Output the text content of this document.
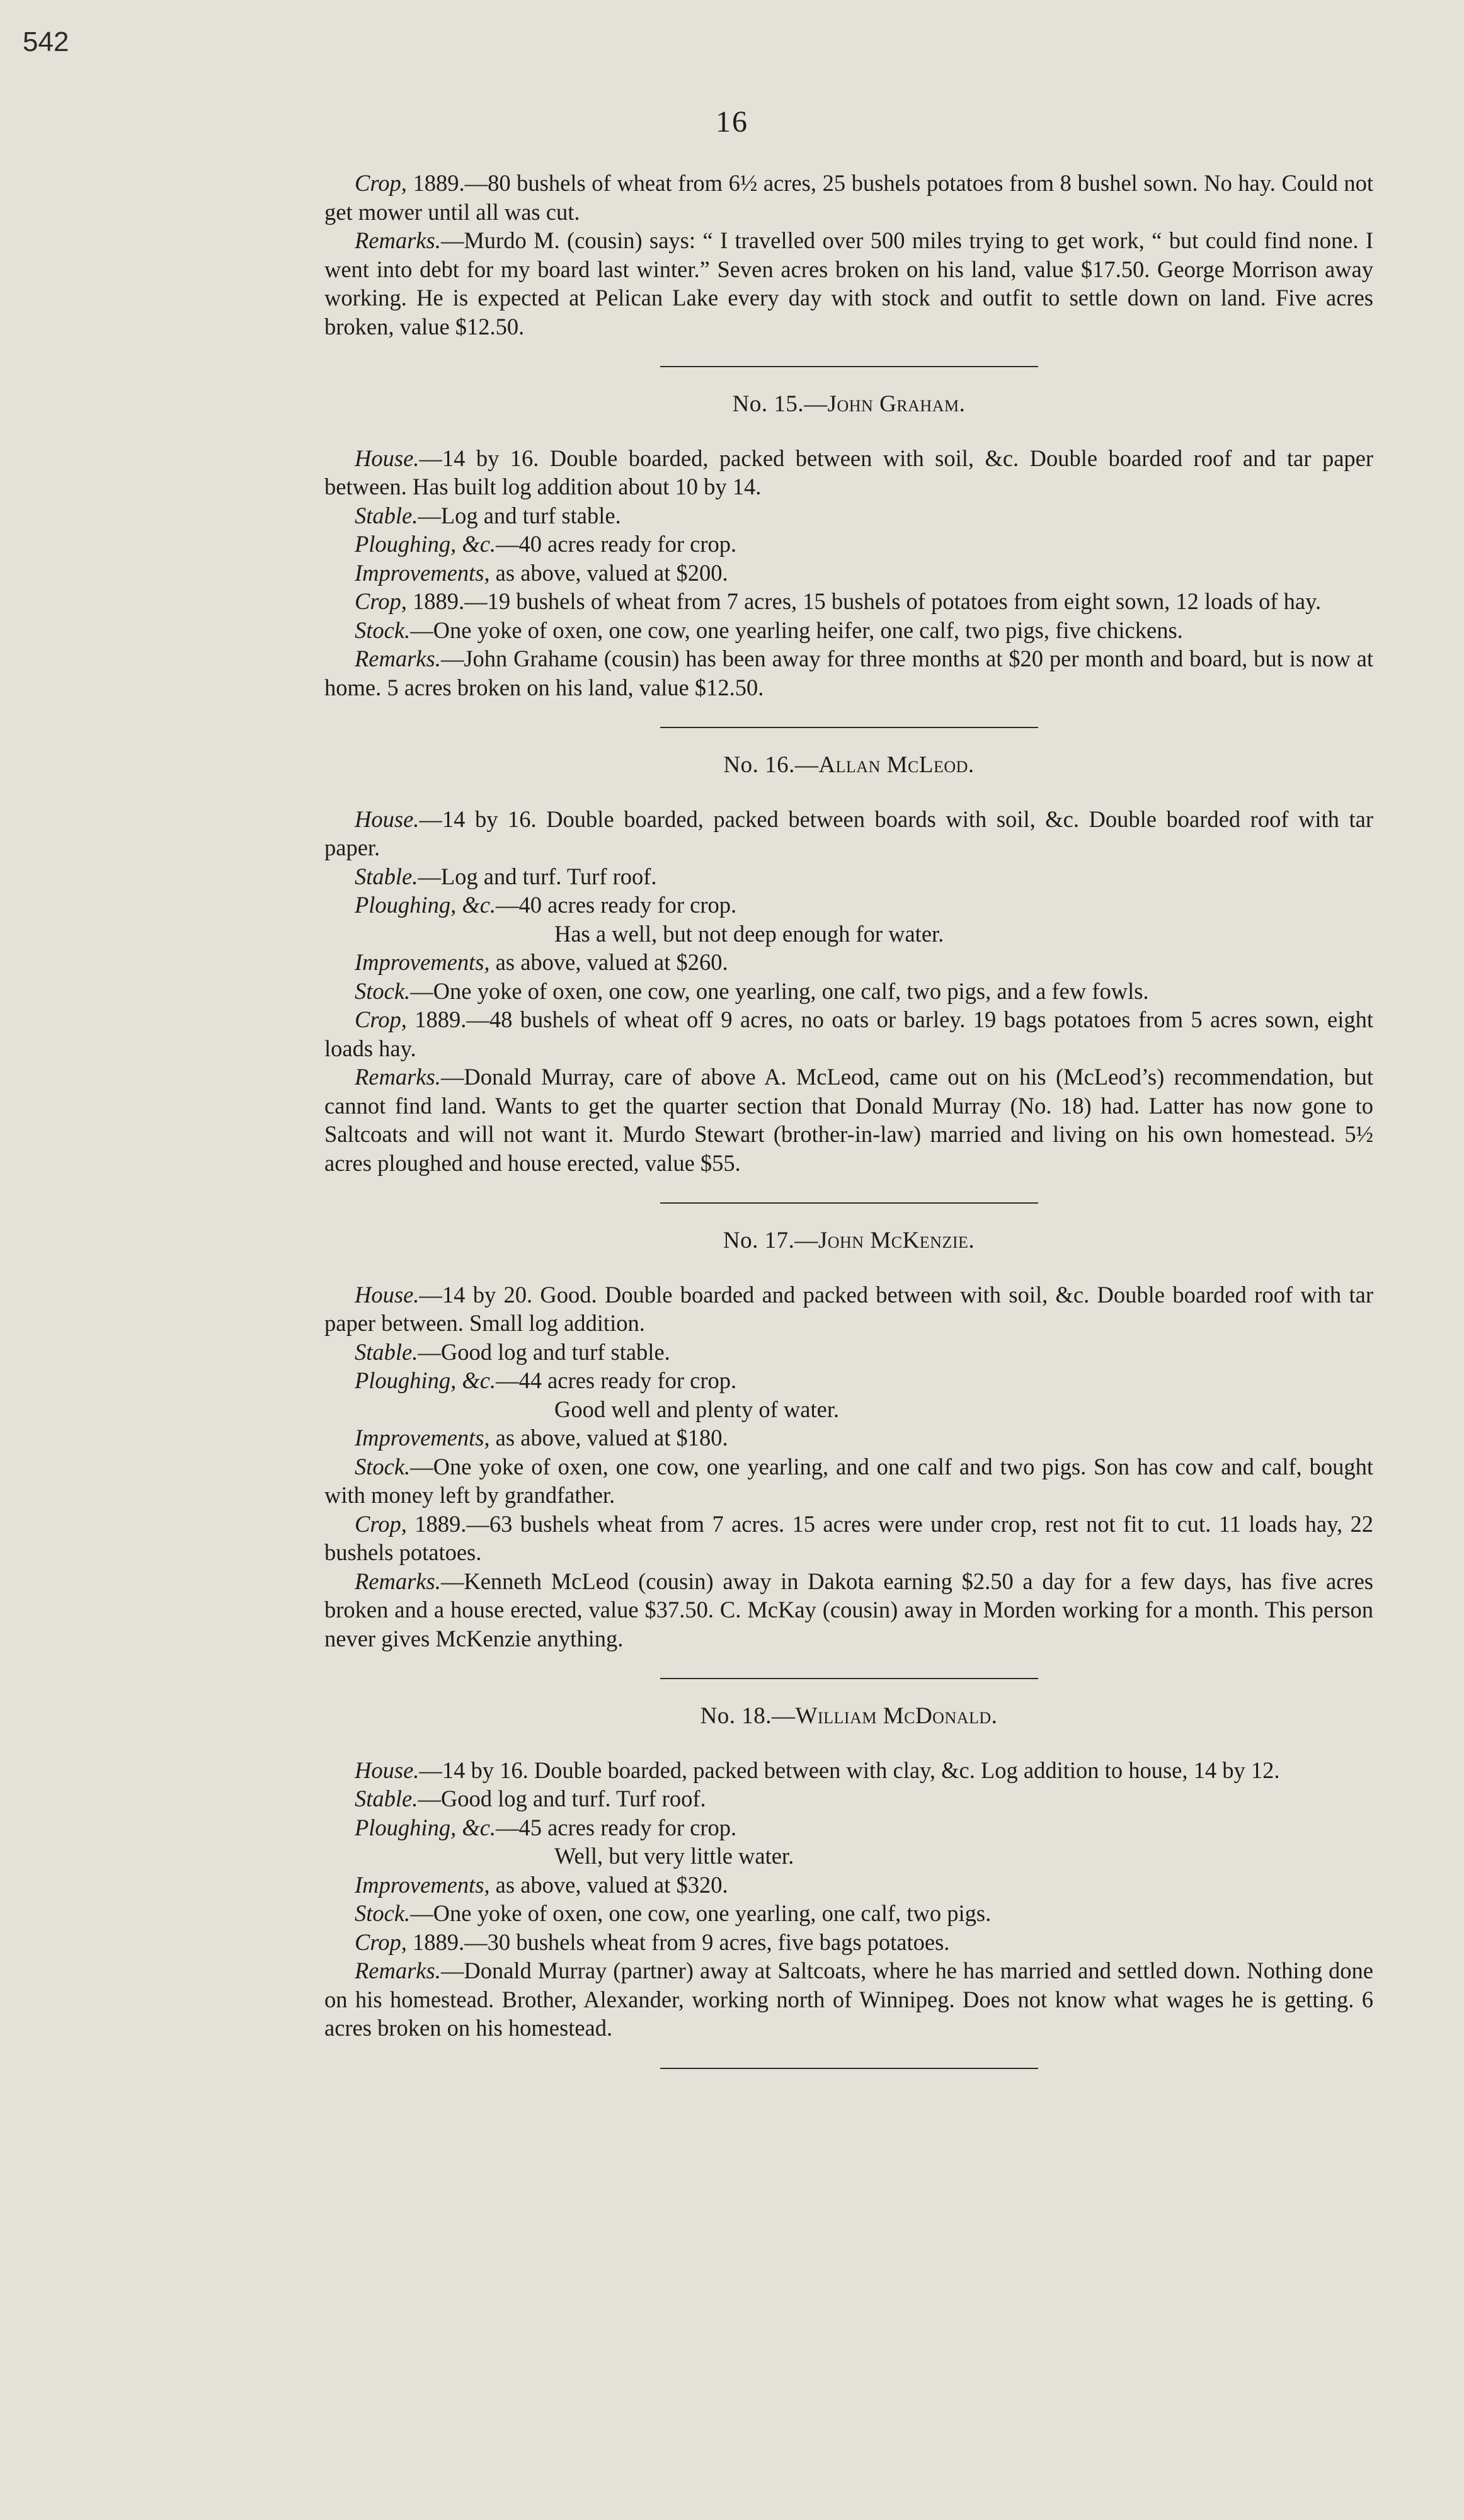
542
16

Crop, 1889.—80 bushels of wheat from 6½ acres, 25 bushels potatoes from 8 bushel sown. No hay. Could not get mower until all was cut.

Remarks.—Murdo M. (cousin) says: “ I travelled over 500 miles trying to get work, “ but could find none. I went into debt for my board last winter.” Seven acres broken on his land, value $17.50. George Morrison away working. He is expected at Pelican Lake every day with stock and outfit to settle down on land. Five acres broken, value $12.50.

No. 15.—John Graham.

House.—14 by 16. Double boarded, packed between with soil, &c. Double boarded roof and tar paper between. Has built log addition about 10 by 14.

Stable.—Log and turf stable.

Ploughing, &c.—40 acres ready for crop.

Improvements, as above, valued at $200.

Crop, 1889.—19 bushels of wheat from 7 acres, 15 bushels of potatoes from eight sown, 12 loads of hay.

Stock.—One yoke of oxen, one cow, one yearling heifer, one calf, two pigs, five chickens.

Remarks.—John Grahame (cousin) has been away for three months at $20 per month and board, but is now at home. 5 acres broken on his land, value $12.50.

No. 16.—Allan McLeod.

House.—14 by 16. Double boarded, packed between boards with soil, &c. Double boarded roof with tar paper.

Stable.—Log and turf. Turf roof.

Ploughing, &c.—40 acres ready for crop.

Has a well, but not deep enough for water.

Improvements, as above, valued at $260.

Stock.—One yoke of oxen, one cow, one yearling, one calf, two pigs, and a few fowls.

Crop, 1889.—48 bushels of wheat off 9 acres, no oats or barley. 19 bags potatoes from 5 acres sown, eight loads hay.

Remarks.—Donald Murray, care of above A. McLeod, came out on his (McLeod’s) recommendation, but cannot find land. Wants to get the quarter section that Donald Murray (No. 18) had. Latter has now gone to Saltcoats and will not want it. Murdo Stewart (brother-in-law) married and living on his own homestead. 5½ acres ploughed and house erected, value $55.

No. 17.—John McKenzie.

House.—14 by 20. Good. Double boarded and packed between with soil, &c. Double boarded roof with tar paper between. Small log addition.

Stable.—Good log and turf stable.

Ploughing, &c.—44 acres ready for crop.

Good well and plenty of water.

Improvements, as above, valued at $180.

Stock.—One yoke of oxen, one cow, one yearling, and one calf and two pigs. Son has cow and calf, bought with money left by grandfather.

Crop, 1889.—63 bushels wheat from 7 acres. 15 acres were under crop, rest not fit to cut. 11 loads hay, 22 bushels potatoes.

Remarks.—Kenneth McLeod (cousin) away in Dakota earning $2.50 a day for a few days, has five acres broken and a house erected, value $37.50. C. McKay (cousin) away in Morden working for a month. This person never gives McKenzie anything.

No. 18.—William McDonald.

House.—14 by 16. Double boarded, packed between with clay, &c. Log addition to house, 14 by 12.

Stable.—Good log and turf. Turf roof.

Ploughing, &c.—45 acres ready for crop.

Well, but very little water.

Improvements, as above, valued at $320.

Stock.—One yoke of oxen, one cow, one yearling, one calf, two pigs.

Crop, 1889.—30 bushels wheat from 9 acres, five bags potatoes.

Remarks.—Donald Murray (partner) away at Saltcoats, where he has married and settled down. Nothing done on his homestead. Brother, Alexander, working north of Winnipeg. Does not know what wages he is getting. 6 acres broken on his homestead.
